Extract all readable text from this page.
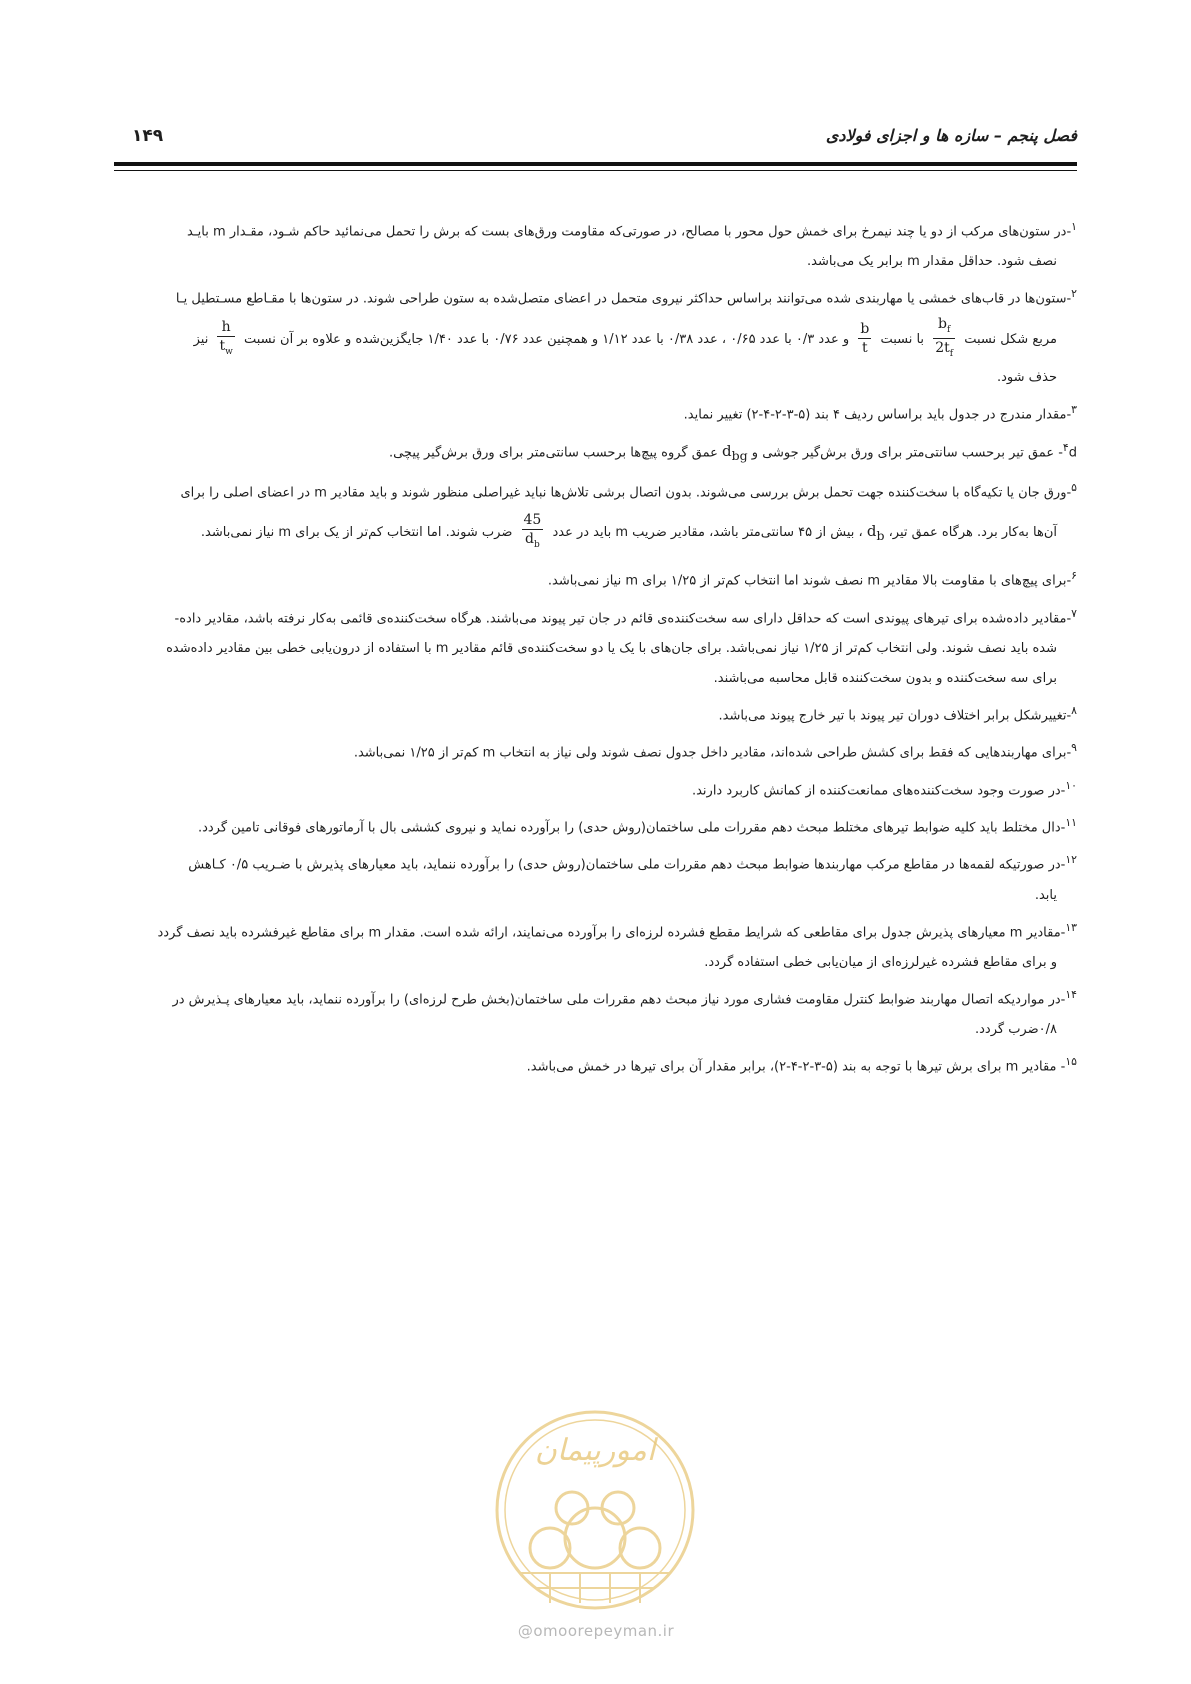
فصل پنجم – سازه ها و اجزای فولادی
۱۴۹
$^۱$-در ستون‌های مرکب از دو یا چند نیمرخ برای خمش حول محور با مصالح، در صورتی‌که مقاومت ورق‌های بست که برش را تحمل می‌نمائید حاکم شـود، مقـدار m بایـد
نصف شود. حداقل مقدار m برابر یک می‌باشد.
$^۲$-ستون‌ها در قاب‌های خمشی یا مهاربندی شده می‌توانند براساس حداکثر نیروی متحمل در اعضای متصل‌شده به ستون طراحی شوند. در ستون‌ها با مقـاطع مسـتطیل یـا
مربع شکل نسبت
$\frac{b_f}{2t_f}$
با نسبت
$\frac{b}{t}$
و عدد ۰/۳ با عدد ۰/۶۵ ، عدد ۰/۳۸ با عدد ۱/۱۲ و همچنین عدد ۰/۷۶ با عدد ۱/۴۰ جایگزین‌شده و علاوه بر آن نسبت
$\frac{h}{t_w}$
نیز
حذف شود.
$^۳$-مقدار مندرج در جدول باید براساس ردیف ۴ بند (۵-۳-۲-۴-۲) تغییر نماید.
$^۴$d- عمق تیر برحسب سانتی‌متر برای ورق برش‌گیر جوشی و $d_{bg}$ عمق گروه پیچ‌ها برحسب سانتی‌متر برای ورق برش‌گیر پیچی.
$^۵$-ورق جان یا تکیه‌گاه با سخت‌کننده جهت تحمل برش بررسی می‌شوند. بدون اتصال برشی تلاش‌ها نباید غیراصلی منظور شوند و باید مقادیر m در اعضای اصلی را برای
آن‌ها به‌کار برد. هرگاه عمق تیر، $d_b$ ، بیش از ۴۵ سانتی‌متر باشد، مقادیر ضریب m باید در عدد
$\frac{45}{d_b}$
ضرب شوند. اما انتخاب کم‌تر از یک برای m نیاز نمی‌باشد.
$^۶$-برای پیچ‌های با مقاومت بالا مقادیر m نصف شوند اما انتخاب کم‌تر از ۱/۲۵ برای m نیاز نمی‌باشد.
$^۷$-مقادیر داده‌شده برای تیرهای پیوندی است که حداقل دارای سه سخت‌کننده‌ی قائم در جان تیر پیوند می‌باشند. هرگاه سخت‌کننده‌ی قائمی به‌کار نرفته باشد، مقادیر داده-
شده باید نصف شوند. ولی انتخاب کم‌تر از ۱/۲۵ نیاز نمی‌باشد. برای جان‌های با یک یا دو سخت‌کننده‌ی قائم مقادیر m با استفاده از درون‌یابی خطی بین مقادیر داده‌شده
برای سه سخت‌کننده و بدون سخت‌کننده قابل محاسبه می‌باشند.
$^۸$-تغییرشکل برابر اختلاف دوران تیر پیوند با تیر خارج پیوند می‌باشد.
$^۹$-برای مهاربندهایی که فقط برای کشش طراحی شده‌اند، مقادیر داخل جدول نصف شوند ولی نیاز به انتخاب m کم‌تر از ۱/۲۵ نمی‌باشد.
$^{۱۰}$-در صورت وجود سخت‌کننده‌های ممانعت‌کننده از کمانش کاربرد دارند.
$^{۱۱}$-دال مختلط باید کلیه ضوابط تیرهای مختلط مبحث دهم مقررات ملی ساختمان(روش حدی) را برآورده نماید و نیروی کششی بال با آرماتورهای فوقانی تامین گردد.
$^{۱۲}$-در صورتیکه لقمه‌ها در مقاطع مرکب مهاربندها ضوابط مبحث دهم مقررات ملی ساختمان(روش حدی) را برآورده ننماید، باید معیارهای پذیرش با ضـریب ۰/۵ کـاهش
یابد.
$^{۱۳}$-مقادیر m معیارهای پذیرش جدول برای مقاطعی که شرایط مقطع فشرده لرزه‌ای را برآورده می‌نمایند، ارائه شده است. مقدار m برای مقاطع غیرفشرده باید نصف گردد
و برای مقاطع فشرده غیرلرزه‌ای از میان‌یابی خطی استفاده گردد.
$^{۱۴}$-در مواردیکه اتصال مهاربند ضوابط کنترل مقاومت فشاری مورد نیاز مبحث دهم مقررات ملی ساختمان(بخش طرح لرزه‌ای) را برآورده ننماید، باید معیارهای پـذیرش در
۰/۸ضرب گردد.
$^{۱۵}$- مقادیر m برای برش تیرها با توجه به بند (۵-۳-۲-۴-۲)، برابر مقدار آن برای تیرها در خمش می‌باشد.
امورپیمان
@omoorepeyman.ir
